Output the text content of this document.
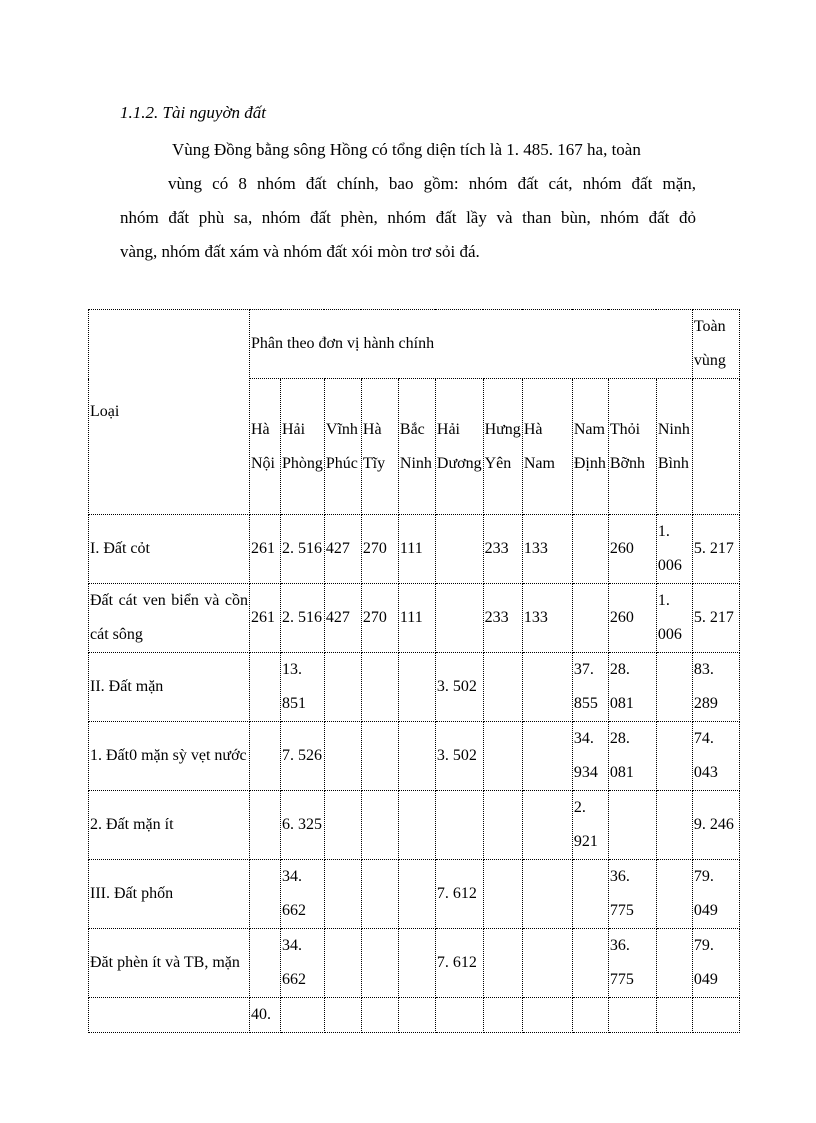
1.1.2. Tài nguyờn đất

Vùng Đồng bằng sông Hồng có tổng diện tích là 1. 485. 167 ha, toàn

vùng có 8 nhóm đất chính, bao gồm: nhóm đất cát, nhóm đất mặn,

nhóm đất phù sa, nhóm đất phèn, nhóm đất lầy và than bùn, nhóm đất đỏ

vàng, nhóm đất xám và nhóm đất xói mòn trơ sỏi đá.

Loại	Phân theo đơn vị hành chính											Toàn vùng
	Hà Nội	Hải Phòng	Vĩnh Phúc	Hà Tĩy	Bắc Ninh	Hải Dương	Hưng Yên	Hà Nam	Nam Định	Thỏi Bỡnh	Ninh Bình	
I. Đất cỏt	261	2. 516	427	270	111		233	133		260	1. 006	5. 217
Đất cát ven biển và cồn cát sông	261	2. 516	427	270	111		233	133		260	1. 006	5. 217
II. Đất mặn		13. 851				3. 502			37. 855	28. 081		83. 289
1. Đất0 mặn sỳ vẹt nước		7. 526				3. 502			34. 934	28. 081		74. 043
2. Đất mặn ít		6. 325							2. 921			9. 246
III. Đất phốn		34. 662				7. 612				36. 775		79. 049
Đăt phèn ít và TB, mặn		34. 662				7. 612				36. 775		79. 049
	40.											
